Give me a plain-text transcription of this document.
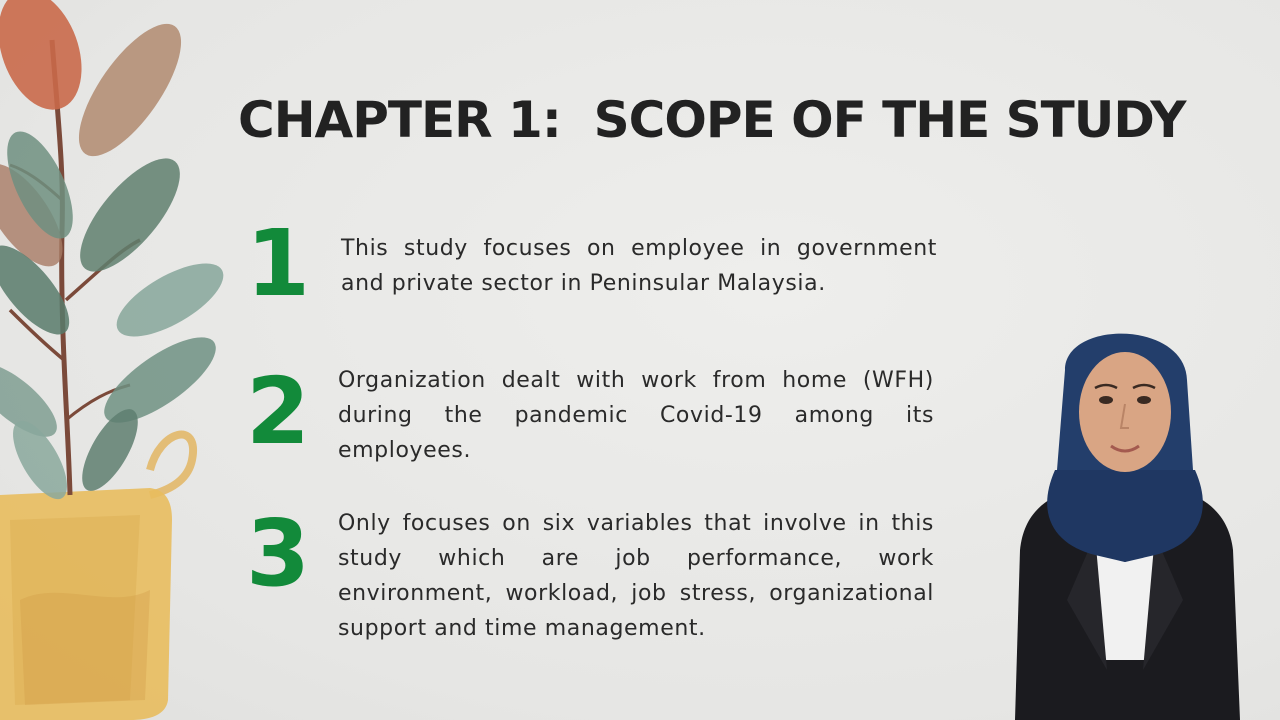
CHAPTER 1:  SCOPE OF THE STUDY
1	This study focuses on employee in government and private sector in Peninsular Malaysia.

2	Organization dealt with work from home (WFH) during the pandemic Covid-19 among its employees.

3	Only focuses on six variables that involve in this study which are job performance, work environment, workload, job stress, organizational support and time management.
